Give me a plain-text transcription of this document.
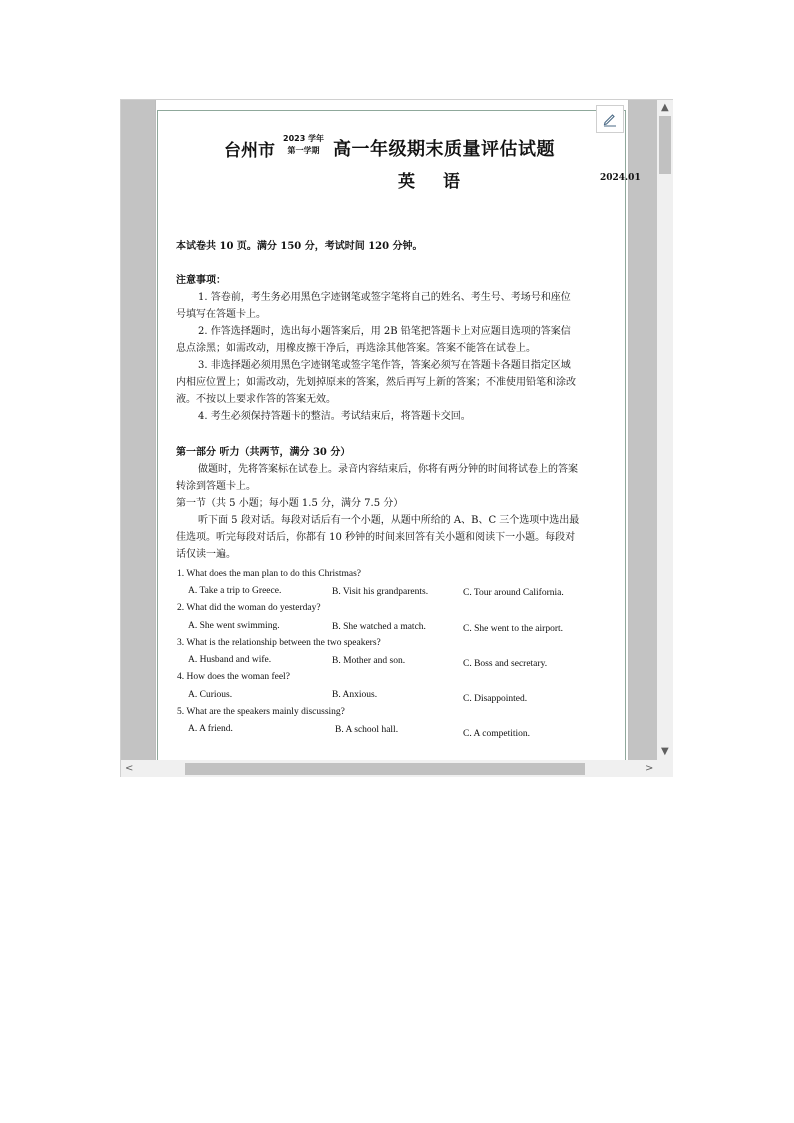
台州市
2023 学年
第一学期 高一年级期末质量评估试题
英语	2024.01
本试卷共 10 页。满分 150 分，考试时间 120 分钟。
注意事项：
1. 答卷前，考生务必用黑色字迹钢笔或签字笔将自己的姓名、考生号、考场号和座位
号填写在答题卡上。
2. 作答选择题时，选出每小题答案后，用 2B 铅笔把答题卡上对应题目选项的答案信
息点涂黑；如需改动，用橡皮擦干净后，再选涂其他答案。答案不能答在试卷上。
3. 非选择题必须用黑色字迹钢笔或签字笔作答，答案必须写在答题卡各题目指定区域
内相应位置上；如需改动，先划掉原来的答案，然后再写上新的答案；不准使用铅笔和涂改
液。不按以上要求作答的答案无效。
4. 考生必须保持答题卡的整洁。考试结束后，将答题卡交回。
第一部分 听力（共两节，满分 30 分）
做题时，先将答案标在试卷上。录音内容结束后，你将有两分钟的时间将试卷上的答案
转涂到答题卡上。
第一节（共 5 小题；每小题 1.5 分，满分 7.5 分）
听下面 5 段对话。每段对话后有一个小题，从题中所给的 A、B、C 三个选项中选出最
佳选项。听完每段对话后，你都有 10 秒钟的时间来回答有关小题和阅读下一小题。每段对
话仅读一遍。
1. What does the man plan to do this Christmas?
A. Take a trip to Greece.	B. Visit his grandparents.	C. Tour around California.
2. What did the woman do yesterday?
A. She went swimming.	B. She watched a match.	C. She went to the airport.
3. What is the relationship between the two speakers?
A. Husband and wife.	B. Mother and son.	C. Boss and secretary.
4. How does the woman feel?
A. Curious.	B. Anxious.	C. Disappointed.
5. What are the speakers mainly discussing?
A. A friend.	B. A school hall.	C. A competition.
▲
▼
<	>
